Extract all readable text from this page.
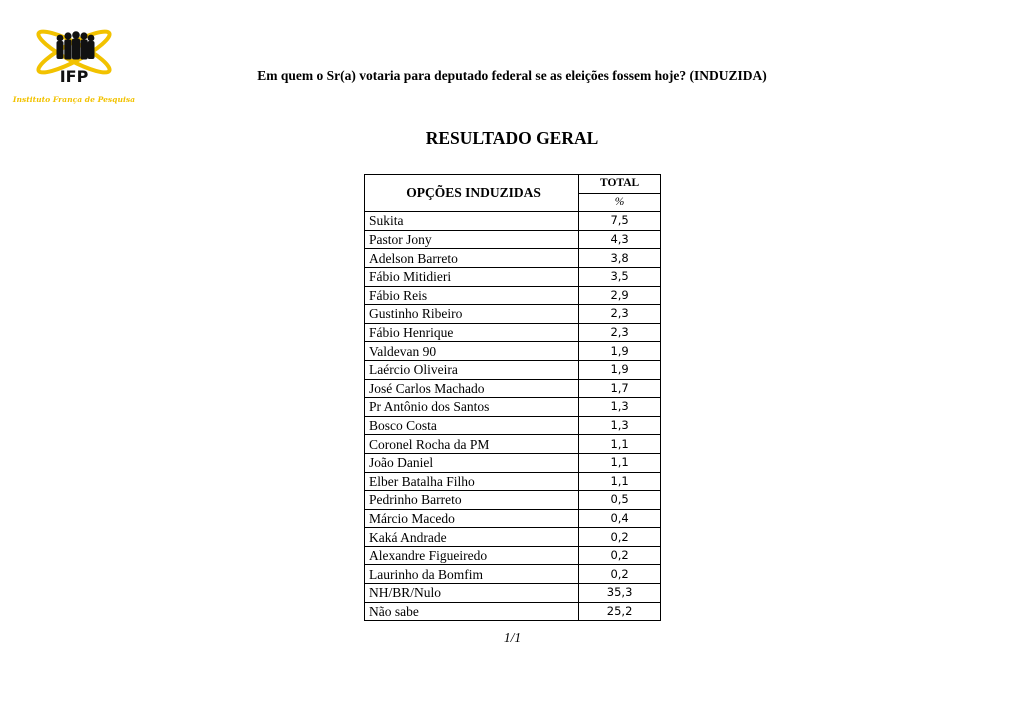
IFP
Instituto França de Pesquisa
Em quem o Sr(a) votaria para deputado federal se as eleições fossem hoje? (INDUZIDA)
RESULTADO GERAL
OPÇÕES INDUZIDAS	TOTAL
	%
Sukita	7,5
Pastor Jony	4,3
Adelson Barreto	3,8
Fábio Mitidieri	3,5
Fábio Reis	2,9
Gustinho Ribeiro	2,3
Fábio Henrique	2,3
Valdevan 90	1,9
Laércio Oliveira	1,9
José Carlos Machado	1,7
Pr Antônio dos Santos	1,3
Bosco Costa	1,3
Coronel Rocha da PM	1,1
João Daniel	1,1
Elber Batalha Filho	1,1
Pedrinho Barreto	0,5
Márcio Macedo	0,4
Kaká Andrade	0,2
Alexandre Figueiredo	0,2
Laurinho da Bomfim	0,2
NH/BR/Nulo	35,3
Não sabe	25,2
1/1
